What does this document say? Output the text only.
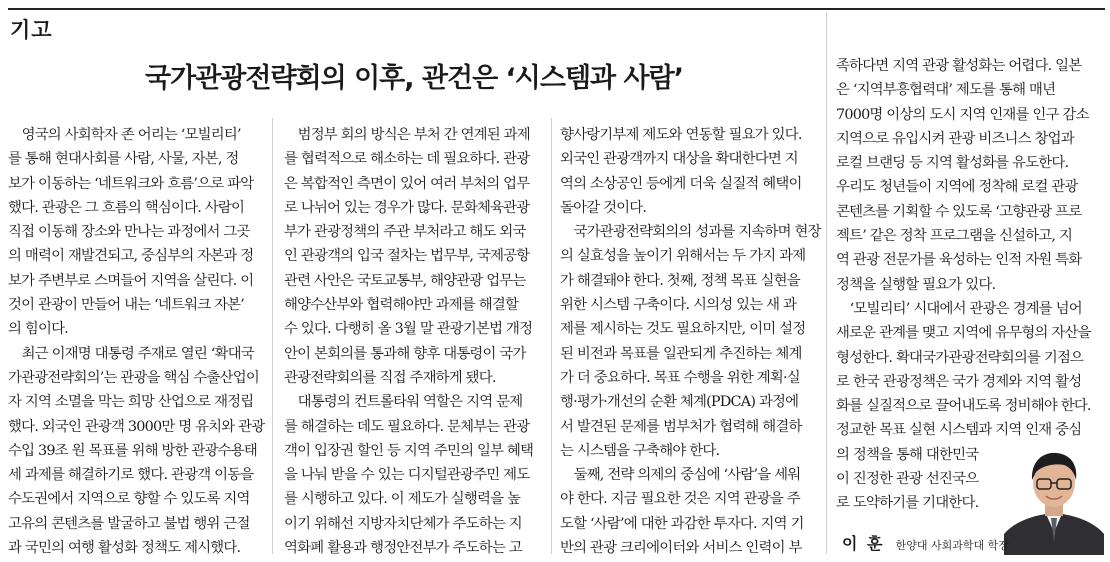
기고
국가관광전략회의 이후, 관건은 ‘시스템과 사람’
　영국의 사회학자 존 어리는 ‘모빌리티’
를 통해 현대사회를 사람, 사물, 자본, 정
보가 이동하는 ‘네트워크와 흐름’으로 파악
했다. 관광은 그 흐름의 핵심이다. 사람이
직접 이동해 장소와 만나는 과정에서 그곳
의 매력이 재발견되고, 중심부의 자본과 정
보가 주변부로 스며들어 지역을 살린다. 이
것이 관광이 만들어 내는 ‘네트워크 자본’
의 힘이다.
　최근 이재명 대통령 주재로 열린 ‘확대국
가관광전략회의’는 관광을 핵심 수출산업이
자 지역 소멸을 막는 희망 산업으로 재정립
했다. 외국인 관광객 3000만 명 유치와 관광
수입 39조 원 목표를 위해 방한 관광수용태
세 과제를 해결하기로 했다. 관광객 이동을
수도권에서 지역으로 향할 수 있도록 지역
고유의 콘텐츠를 발굴하고 불법 행위 근절
과 국민의 여행 활성화 정책도 제시했다.
　범정부 회의 방식은 부처 간 연계된 과제
를 협력적으로 해소하는 데 필요하다. 관광
은 복합적인 측면이 있어 여러 부처의 업무
로 나뉘어 있는 경우가 많다. 문화체육관광
부가 관광정책의 주관 부처라고 해도 외국
인 관광객의 입국 절차는 법무부, 국제공항
관련 사안은 국토교통부, 해양관광 업무는
해양수산부와 협력해야만 과제를 해결할
수 있다. 다행히 올 3월 말 관광기본법 개정
안이 본회의를 통과해 향후 대통령이 국가
관광전략회의를 직접 주재하게 됐다.
　대통령의 컨트롤타워 역할은 지역 문제
를 해결하는 데도 필요하다. 문체부는 관광
객이 입장권 할인 등 지역 주민의 일부 혜택
을 나눠 받을 수 있는 디지털관광주민 제도
를 시행하고 있다. 이 제도가 실행력을 높
이기 위해선 지방자치단체가 주도하는 지
역화폐 활용과 행정안전부가 주도하는 고
향사랑기부제 제도와 연동할 필요가 있다.
외국인 관광객까지 대상을 확대한다면 지
역의 소상공인 등에게 더욱 실질적 혜택이
돌아갈 것이다.
　국가관광전략회의의 성과를 지속하며 현장
의 실효성을 높이기 위해서는 두 가지 과제
가 해결돼야 한다. 첫째, 정책 목표 실현을
위한 시스템 구축이다. 시의성 있는 새 과
제를 제시하는 것도 필요하지만, 이미 설정
된 비전과 목표를 일관되게 추진하는 체계
가 더 중요하다. 목표 수행을 위한 계획·실
행·평가·개선의 순환 체계(PDCA) 과정에
서 발견된 문제를 범부처가 협력해 해결하
는 시스템을 구축해야 한다.
　둘째, 전략 의제의 중심에 ‘사람’을 세워
야 한다. 지금 필요한 것은 지역 관광을 주
도할 ‘사람’에 대한 과감한 투자다. 지역 기
반의 관광 크리에이터와 서비스 인력이 부
족하다면 지역 관광 활성화는 어렵다. 일본
은 ‘지역부흥협력대’ 제도를 통해 매년
7000명 이상의 도시 지역 인재를 인구 감소
지역으로 유입시켜 관광 비즈니스 창업과
로컬 브랜딩 등 지역 활성화를 유도한다.
우리도 청년들이 지역에 정착해 로컬 관광
콘텐츠를 기획할 수 있도록 ‘고향관광 프로
젝트’ 같은 정착 프로그램을 신설하고, 지
역 관광 전문가를 육성하는 인적 자원 특화
정책을 실행할 필요가 있다.
　‘모빌리티’ 시대에서 관광은 경계를 넘어
새로운 관계를 맺고 지역에 유무형의 자산을
형성한다. 확대국가관광전략회의를 기점으
로 한국 관광정책은 국가 경제와 지역 활성
화를 실질적으로 끌어내도록 정비해야 한다.
정교한 목표 실현 시스템과 지역 인재 중심
의 정책을 통해 대한민국
이 진정한 관광 선진국으
로 도약하기를 기대한다.
이 훈 한양대 사회과학대 학장
